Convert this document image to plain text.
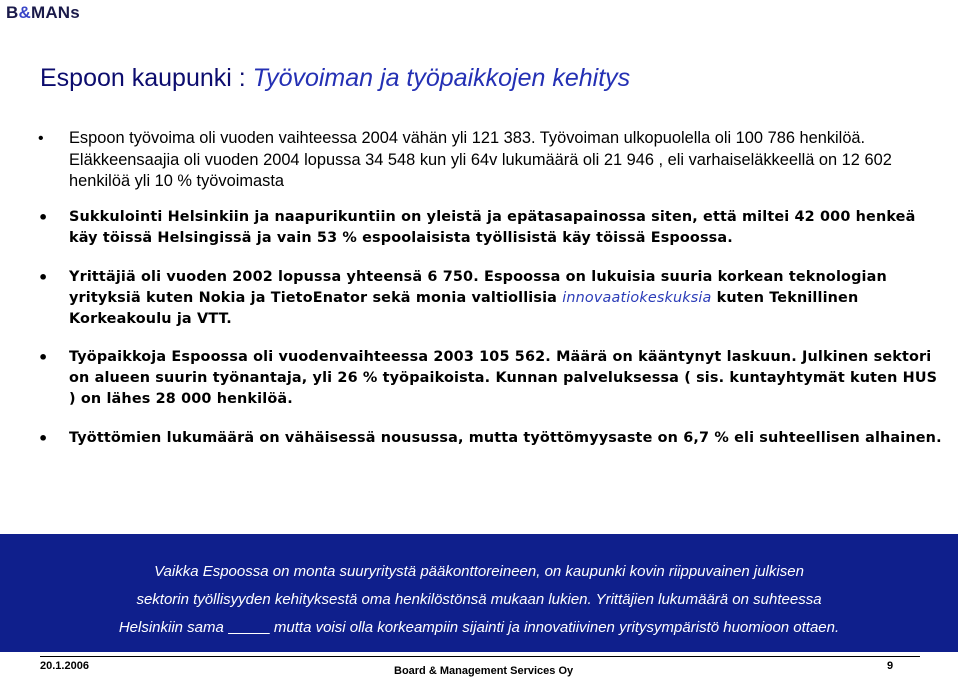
B&MANs
Espoon kaupunki : Työvoiman ja työpaikkojen kehitys
• Espoon työvoima oli vuoden vaihteessa 2004 vähän yli 121 383. Työvoiman ulkopuolella oli 100 786 henkilöä. Eläkkeensaajia oli vuoden 2004 lopussa 34 548 kun yli 64v lukumäärä oli 21 946 , eli varhaiseläkkeellä on 12 602 henkilöä yli 10 % työvoimasta
• Sukkulointi Helsinkiin ja naapurikuntiin on yleistä ja epätasapainossa siten, että miltei 42 000 henkeä käy töissä Helsingissä ja vain 53 % espoolaisista työllisistä käy töissä Espoossa.
• Yrittäjiä oli vuoden 2002 lopussa yhteensä 6 750. Espoossa on lukuisia suuria korkean teknologian yrityksiä kuten Nokia ja TietoEnator sekä monia valtiollisia innovaatiokeskuksia kuten Teknillinen Korkeakoulu ja VTT.
• Työpaikkoja Espoossa oli vuodenvaihteessa 2003 105 562. Määrä on kääntynyt laskuun. Julkinen sektori on alueen suurin työnantaja, yli 26 % työpaikoista. Kunnan palveluksessa ( sis. kuntayhtymät kuten HUS ) on lähes 28 000 henkilöä.
• Työttömien lukumäärä on vähäisessä nousussa, mutta työttömyysaste on 6,7 % eli suhteellisen alhainen.
Vaikka Espoossa on monta suuryritystä pääkonttoreineen, on kaupunki kovin riippuvainen julkisen
sektorin työllisyyden kehityksestä oma henkilöstönsä mukaan lukien. Yrittäjien lukumäärä on suhteessa
Helsinkiin sama	mutta voisi olla korkeampiin sijainti ja innovatiivinen yritysympäristö huomioon ottaen.
20.1.2006	Board & Management Services Oy	9
